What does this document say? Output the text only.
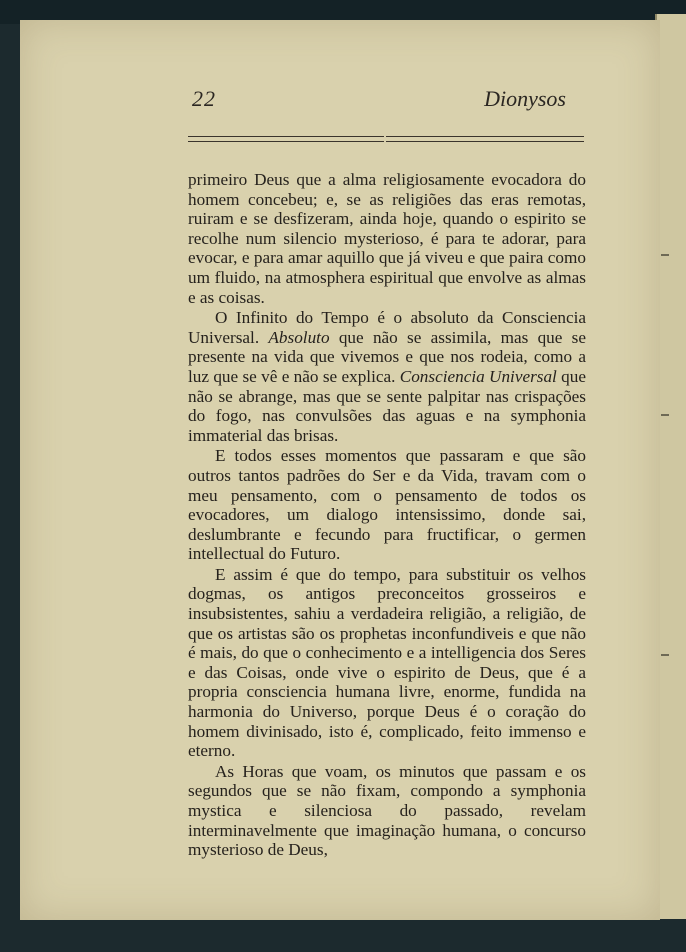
22	Dionysos

primeiro Deus que a alma religiosamente evocadora do homem concebeu; e, se as religiões das eras remotas, ruiram e se desfizeram, ainda hoje, quando o espirito se recolhe num silencio mysterioso, é para te adorar, para evocar, e para amar aquillo que já viveu e que paira como um fluido, na atmosphera espiritual que envolve as almas e as coisas.

O Infinito do Tempo é o absoluto da Consciencia Universal. Absoluto que não se assimila, mas que se presente na vida que vivemos e que nos rodeia, como a luz que se vê e não se explica. Consciencia Universal que não se abrange, mas que se sente palpitar nas crispações do fogo, nas convulsões das aguas e na symphonia immaterial das brisas.

E todos esses momentos que passaram e que são outros tantos padrões do Ser e da Vida, travam com o meu pensamento, com o pensamento de todos os evocadores, um dialogo intensissimo, donde sai, deslumbrante e fecundo para fructificar, o germen intellectual do Futuro.

E assim é que do tempo, para substituir os velhos dogmas, os antigos preconceitos grosseiros e insubsistentes, sahiu a verdadeira religião, a religião, de que os artistas são os prophetas inconfundiveis e que não é mais, do que o conhecimento e a intelligencia dos Seres e das Coisas, onde vive o espirito de Deus, que é a propria consciencia humana livre, enorme, fundida na harmonia do Universo, porque Deus é o coração do homem divinisado, isto é, complicado, feito immenso e eterno.

As Horas que voam, os minutos que passam e os segundos que se não fixam, compondo a symphonia mystica e silenciosa do passado, revelam interminavelmente que imaginação humana, o concurso mysterioso de Deus,
